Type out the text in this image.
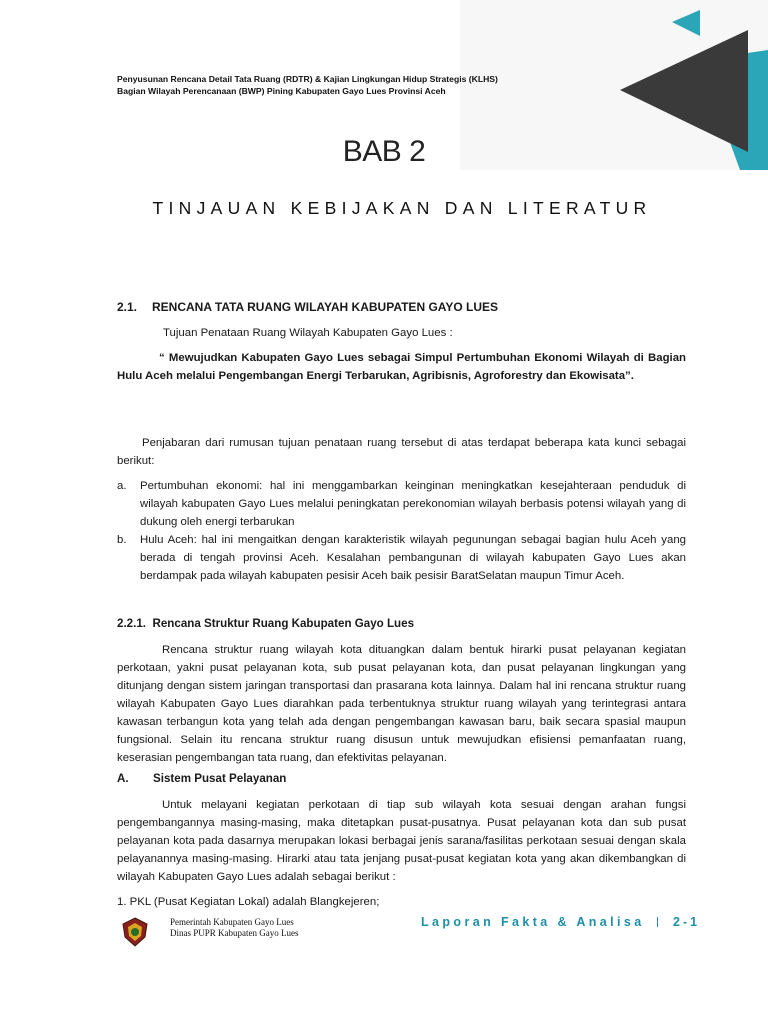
Penyusunan Rencana Detail Tata Ruang (RDTR) & Kajian Lingkungan Hidup Strategis (KLHS)
Bagian Wilayah Perencanaan (BWP) Pining Kabupaten Gayo Lues Provinsi Aceh
BAB 2
TINJAUAN KEBIJAKAN DAN LITERATUR
2.1. RENCANA TATA RUANG WILAYAH KABUPATEN GAYO LUES
Tujuan Penataan Ruang Wilayah Kabupaten Gayo Lues :
“ Mewujudkan Kabupaten Gayo Lues sebagai Simpul Pertumbuhan Ekonomi Wilayah di Bagian Hulu Aceh melalui Pengembangan Energi Terbarukan, Agribisnis, Agroforestry dan Ekowisata”.
Penjabaran dari rumusan tujuan penataan ruang tersebut di atas terdapat beberapa kata kunci sebagai berikut:
a. Pertumbuhan ekonomi: hal ini menggambarkan keinginan meningkatkan kesejahteraan penduduk di wilayah kabupaten Gayo Lues melalui peningkatan perekonomian wilayah berbasis potensi wilayah yang di dukung oleh energi terbarukan
b. Hulu Aceh: hal ini mengaitkan dengan karakteristik wilayah pegunungan sebagai bagian hulu Aceh yang berada di tengah provinsi Aceh. Kesalahan pembangunan di wilayah kabupaten Gayo Lues akan berdampak pada wilayah kabupaten pesisir Aceh baik pesisir BaratSelatan maupun Timur Aceh.
2.2.1. Rencana Struktur Ruang Kabupaten Gayo Lues
Rencana struktur ruang wilayah kota dituangkan dalam bentuk hirarki pusat pelayanan kegiatan perkotaan, yakni pusat pelayanan kota, sub pusat pelayanan kota, dan pusat pelayanan lingkungan yang ditunjang dengan sistem jaringan transportasi dan prasarana kota lainnya. Dalam hal ini rencana struktur ruang wilayah Kabupaten Gayo Lues diarahkan pada terbentuknya struktur ruang wilayah yang terintegrasi antara kawasan terbangun kota yang telah ada dengan pengembangan kawasan baru, baik secara spasial maupun fungsional. Selain itu rencana struktur ruang disusun untuk mewujudkan efisiensi pemanfaatan ruang, keserasian pengembangan tata ruang, dan efektivitas pelayanan.
A. Sistem Pusat Pelayanan
Untuk melayani kegiatan perkotaan di tiap sub wilayah kota sesuai dengan arahan fungsi pengembangannya masing-masing, maka ditetapkan pusat-pusatnya. Pusat pelayanan kota dan sub pusat pelayanan kota pada dasarnya merupakan lokasi berbagai jenis sarana/fasilitas perkotaan sesuai dengan skala pelayanannya masing-masing. Hirarki atau tata jenjang pusat-pusat kegiatan kota yang akan dikembangkan di wilayah Kabupaten Gayo Lues adalah sebagai berikut :
1. PKL (Pusat Kegiatan Lokal) adalah Blangkejeren;
Pemerintah Kabupaten Gayo Lues
Dinas PUPR Kabupaten Gayo Lues
Laporan Fakta & Analisa 2-1
